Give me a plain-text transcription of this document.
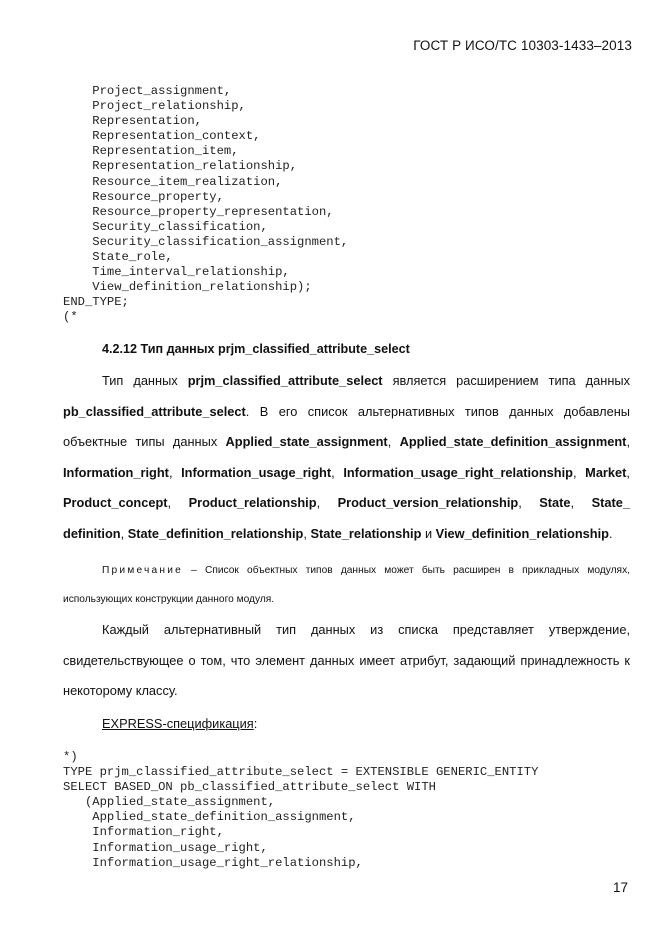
ГОСТ Р ИСО/ТС 10303-1433–2013
Project_assignment,
Project_relationship,
Representation,
Representation_context,
Representation_item,
Representation_relationship,
Resource_item_realization,
Resource_property,
Resource_property_representation,
Security_classification,
Security_classification_assignment,
State_role,
Time_interval_relationship,
View_definition_relationship);
END_TYPE;
(*
4.2.12 Тип данных prjm_classified_attribute_select

Тип данных prjm_classified_attribute_select является расширением типа данных pb_classified_attribute_select. В его список альтернативных типов данных добавлены объектные типы данных Applied_state_assignment, Applied_state_definition_assignment, Information_right, Information_usage_right, Information_usage_right_relationship, Market, Product_concept, Product_relationship, Product_version_relationship, State, State_ definition, State_definition_relationship, State_relationship и View_definition_relationship.

Примечание – Список объектных типов данных может быть расширен в прикладных модулях, использующих конструкции данного модуля.

Каждый альтернативный тип данных из списка представляет утверждение, свидетельствующее о том, что элемент данных имеет атрибут, задающий принадлежность к некоторому классу.

EXPRESS-спецификация:
*)
TYPE prjm_classified_attribute_select = EXTENSIBLE GENERIC_ENTITY
SELECT BASED_ON pb_classified_attribute_select WITH
(Applied_state_assignment,
Applied_state_definition_assignment,
Information_right,
Information_usage_right,
Information_usage_right_relationship,
17
